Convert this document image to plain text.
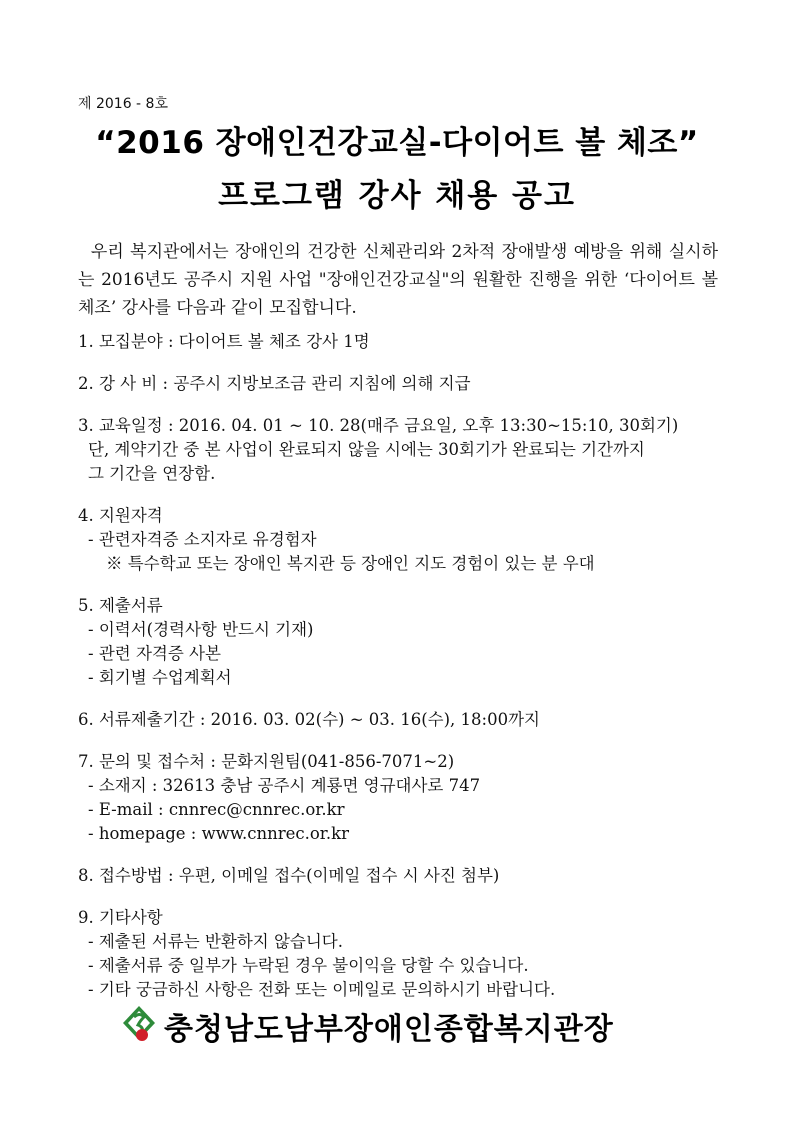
제 2016 - 8호
“2016 장애인건강교실-다이어트 볼 체조”
프로그램 강사 채용 공고
우리 복지관에서는 장애인의 건강한 신체관리와 2차적 장애발생 예방을 위해 실시하는 2016년도 공주시 지원 사업 "장애인건강교실"의 원활한 진행을 위한 ‘다이어트 볼 체조’ 강사를 다음과 같이 모집합니다.
1. 모집분야 : 다이어트 볼 체조 강사 1명
2. 강 사 비 : 공주시 지방보조금 관리 지침에 의해 지급
3. 교육일정 : 2016. 04. 01 ~ 10. 28(매주 금요일, 오후 13:30~15:10, 30회기)
단, 계약기간 중 본 사업이 완료되지 않을 시에는 30회기가 완료되는 기간까지
그 기간을 연장함.
4. 지원자격
- 관련자격증 소지자로 유경험자
※ 특수학교 또는 장애인 복지관 등 장애인 지도 경험이 있는 분 우대
5. 제출서류
- 이력서(경력사항 반드시 기재)
- 관련 자격증 사본
- 회기별 수업계획서
6. 서류제출기간 : 2016. 03. 02(수) ~ 03. 16(수), 18:00까지
7. 문의 및 접수처 : 문화지원팀(041-856-7071~2)
- 소재지 : 32613 충남 공주시 계룡면 영규대사로 747
- E-mail : cnnrec@cnnrec.or.kr
- homepage : www.cnnrec.or.kr
8. 접수방법 : 우편, 이메일 접수(이메일 접수 시 사진 첨부)
9. 기타사항
- 제출된 서류는 반환하지 않습니다.
- 제출서류 중 일부가 누락된 경우 불이익을 당할 수 있습니다.
- 기타 궁금하신 사항은 전화 또는 이메일로 문의하시기 바랍니다.
충청남도남부장애인종합복지관장
